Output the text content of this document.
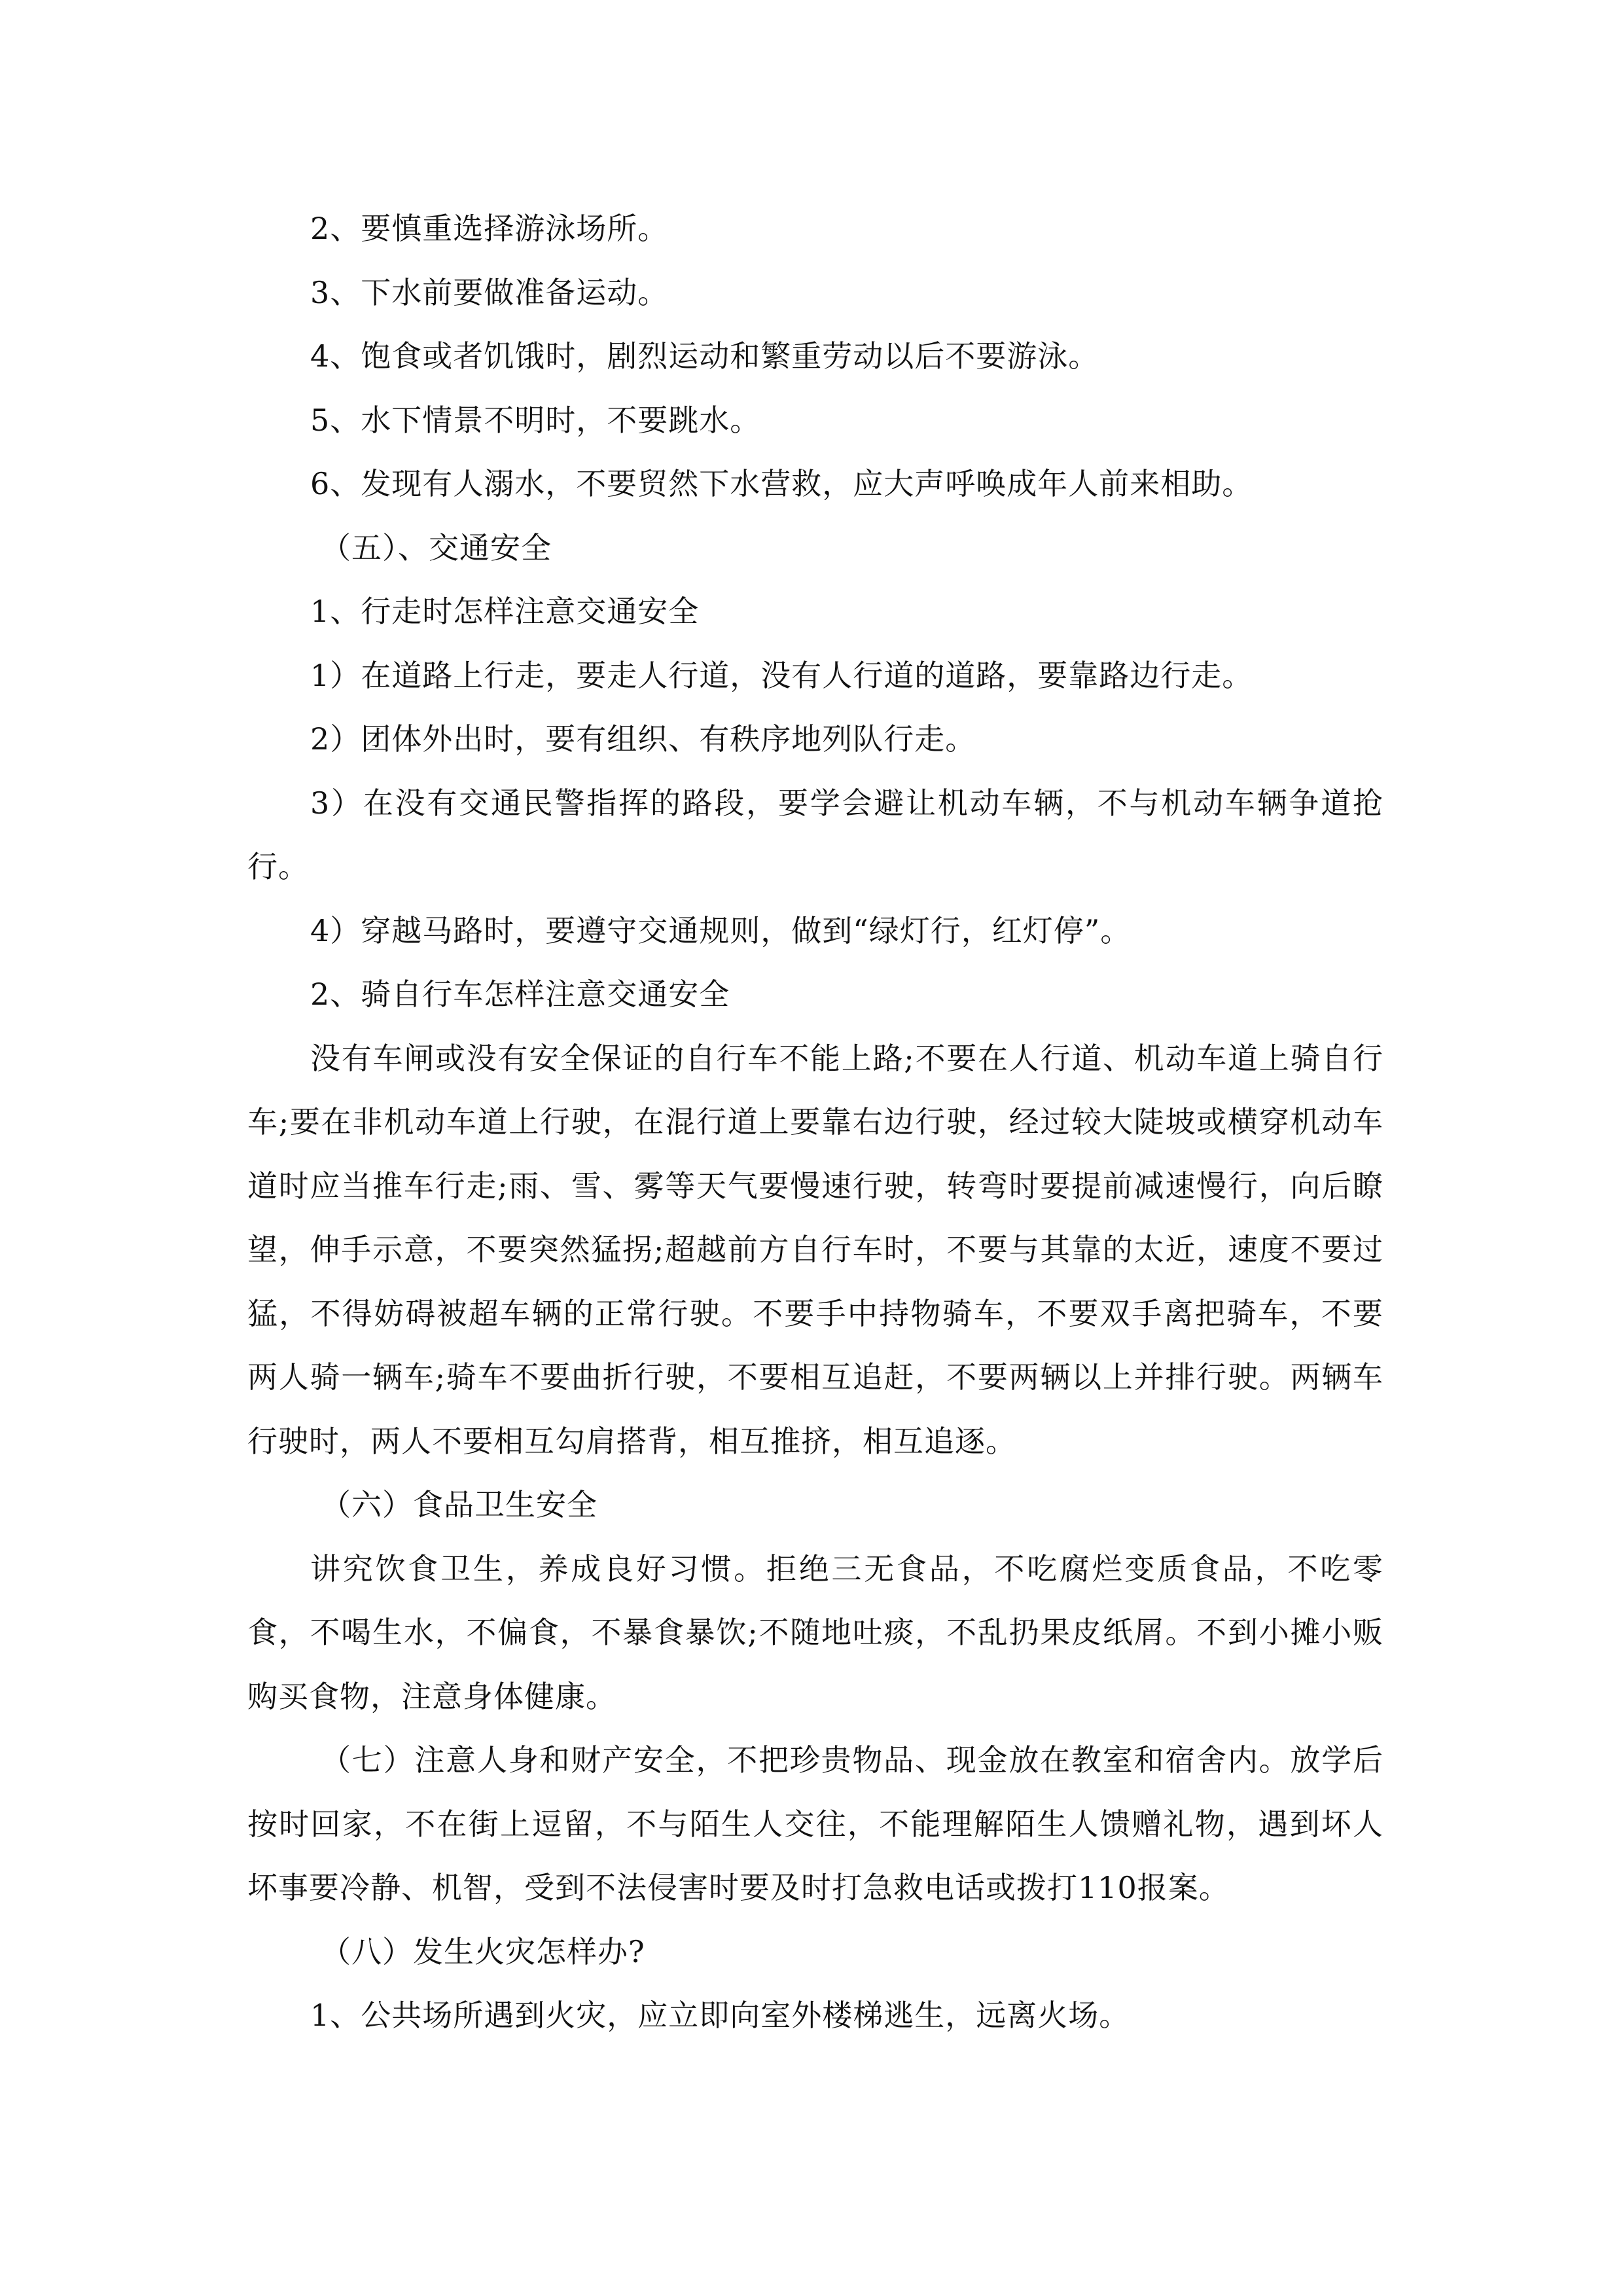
2、要慎重选择游泳场所。

3、下水前要做准备运动。

4、饱食或者饥饿时，剧烈运动和繁重劳动以后不要游泳。

5、水下情景不明时，不要跳水。

6、发现有人溺水，不要贸然下水营救，应大声呼唤成年人前来相助。

（五）、交通安全

1、行走时怎样注意交通安全

1）在道路上行走，要走人行道，没有人行道的道路，要靠路边行走。

2）团体外出时，要有组织、有秩序地列队行走。

3）在没有交通民警指挥的路段，要学会避让机动车辆，不与机动车辆争道抢行。

4）穿越马路时，要遵守交通规则，做到“绿灯行，红灯停”。

2、骑自行车怎样注意交通安全

没有车闸或没有安全保证的自行车不能上路;不要在人行道、机动车道上骑自行车;要在非机动车道上行驶，在混行道上要靠右边行驶，经过较大陡坡或横穿机动车道时应当推车行走;雨、雪、雾等天气要慢速行驶，转弯时要提前减速慢行，向后瞭望，伸手示意，不要突然猛拐;超越前方自行车时，不要与其靠的太近，速度不要过猛，不得妨碍被超车辆的正常行驶。不要手中持物骑车，不要双手离把骑车，不要两人骑一辆车;骑车不要曲折行驶，不要相互追赶，不要两辆以上并排行驶。两辆车行驶时，两人不要相互勾肩搭背，相互推挤，相互追逐。

（六）食品卫生安全

讲究饮食卫生，养成良好习惯。拒绝三无食品，不吃腐烂变质食品，不吃零食，不喝生水，不偏食，不暴食暴饮;不随地吐痰，不乱扔果皮纸屑。不到小摊小贩购买食物，注意身体健康。

（七）注意人身和财产安全，不把珍贵物品、现金放在教室和宿舍内。放学后按时回家，不在街上逗留，不与陌生人交往，不能理解陌生人馈赠礼物，遇到坏人坏事要冷静、机智，受到不法侵害时要及时打急救电话或拨打110报案。

（八）发生火灾怎样办?

1、公共场所遇到火灾，应立即向室外楼梯逃生，远离火场。
